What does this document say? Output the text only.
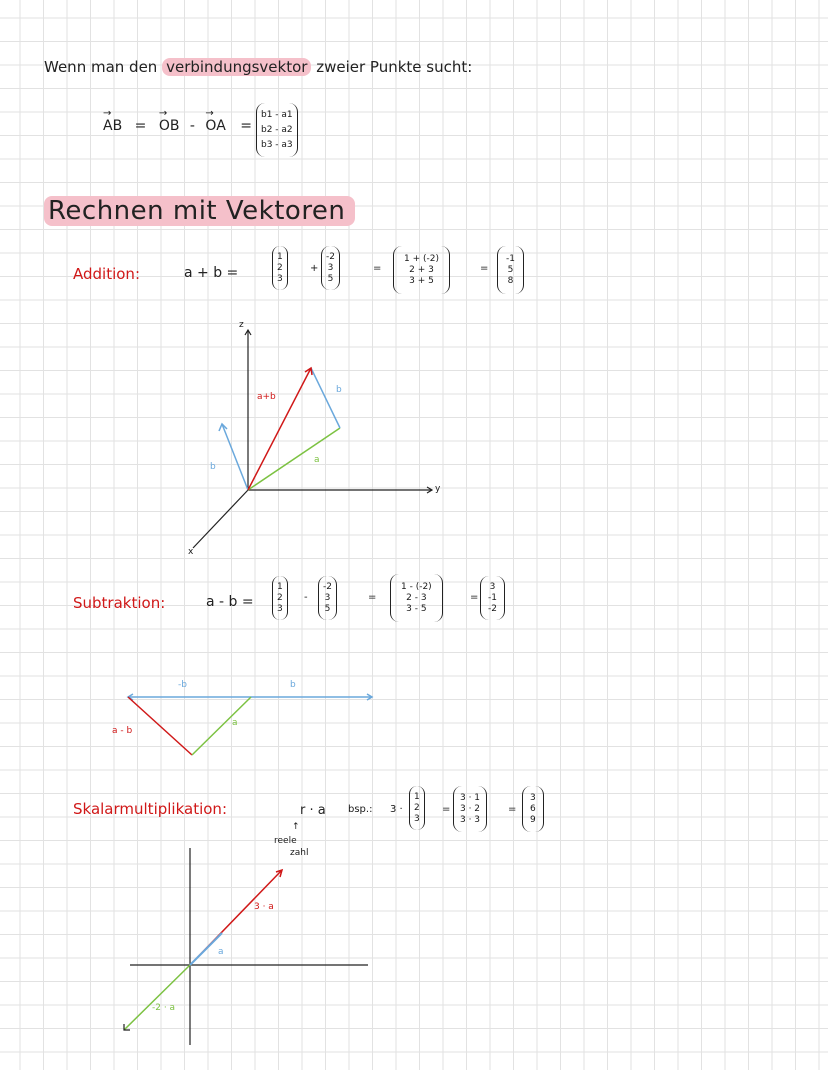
Wenn man den verbindungsvektor zweier Punkte sucht:
→ AB = → OB - → OA =
b1 - a1
b2 - a2
b3 - a3
Rechnen mit Vektoren
Addition:	a + b =
1
2
3
+
-2
3
5
=
1 + (-2)
2 + 3
3 + 5
=
-1
5
8
z
y
x
a+b
b
a
b
Subtraktion:	a - b =
1
2
3
-
-2
3
5
=
1 - (-2)
2 - 3
3 - 5
=
3
-1
-2
-b	b
a
a - b
Skalarmultiplikation:	r · a
↑
reele
zahl
bsp.: 3 ·
1
2
3
=
3 · 1
3 · 2
3 · 3
=
3
6
9
3 · a
a
-2 · a
